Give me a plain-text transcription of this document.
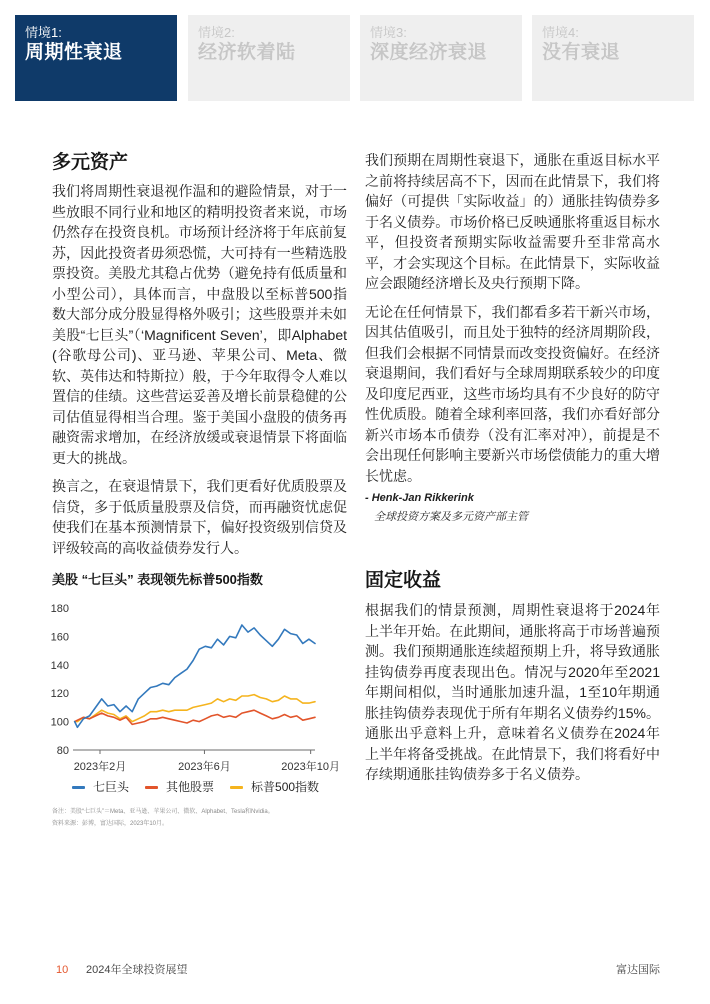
情境1:
周期性衰退
情境2:
经济软着陆
情境3:
深度经济衰退
情境4:
没有衰退
多元资产

我们将周期性衰退视作温和的避险情景，对于一些放眼不同行业和地区的精明投资者来说，市场仍然存在投资良机。市场预计经济将于年底前复苏，因此投资者毋须恐慌，大可持有一些精选股票投资。美股尤其稳占优势（避免持有低质量和小型公司），具体而言，中盘股以至标普500指数大部分成分股显得格外吸引；这些股票并未如美股“七巨头”（‘Magnificent Seven’，即Alphabet (谷歌母公司)、亚马逊、苹果公司、Meta、微软、英伟达和特斯拉）般，于今年取得令人难以置信的佳绩。这些营运妥善及增长前景稳健的公司估值显得相当合理。鉴于美国小盘股的债务再融资需求增加，在经济放缓或衰退情景下将面临更大的挑战。

换言之，在衰退情景下，我们更看好优质股票及信贷，多于低质量股票及信贷，而再融资忧虑促使我们在基本预测情景下，偏好投资级别信贷及评级较高的高收益债券发行人。

美股 “七巨头” 表现领先标普500指数
80
100
120
140
160
180
2023年2月	2023年6月	2023年10月
七巨头	其他股票	标普500指数
备注：美股“七巨头”＝Meta、亚马逊、苹果公司、微软、Alphabet、Tesla和Nvidia。
资料来源：彭博，富达国际，2023年10月。

我们预期在周期性衰退下，通胀在重返目标水平之前将持续居高不下，因而在此情景下，我们将偏好（可提供「实际收益」的）通胀挂钩债券多于名义债券。市场价格已反映通胀将重返目标水平，但投资者预期实际收益需要升至非常高水平，才会实现这个目标。在此情景下，实际收益应会跟随经济增长及央行预期下降。

无论在任何情景下，我们都看多若干新兴市场，因其估值吸引，而且处于独特的经济周期阶段，但我们会根据不同情景而改变投资偏好。在经济衰退期间，我们看好与全球周期联系较少的印度及印度尼西亚，这些市场均具有不少良好的防守性优质股。随着全球利率回落，我们亦看好部分新兴市场本币债券（没有汇率对冲），前提是不会出现任何影响主要新兴市场偿债能力的重大增长忧虑。

- Henk-Jan Rikkerink
全球投资方案及多元资产部主管
固定收益

根据我们的情景预测，周期性衰退将于2024年上半年开始。在此期间，通胀将高于市场普遍预测。我们预期通胀连续超预期上升，将导致通胀挂钩债券再度表现出色。情况与2020年至2021年期间相似，当时通胀加速升温，1至10年期通胀挂钩债券表现优于所有年期名义债券约15%。通胀出乎意料上升，意味着名义债券在2024年上半年将备受挑战。在此情景下，我们将看好中存续期通胀挂钩债券多于名义债券。

10 2024年全球投资展望	富达国际
